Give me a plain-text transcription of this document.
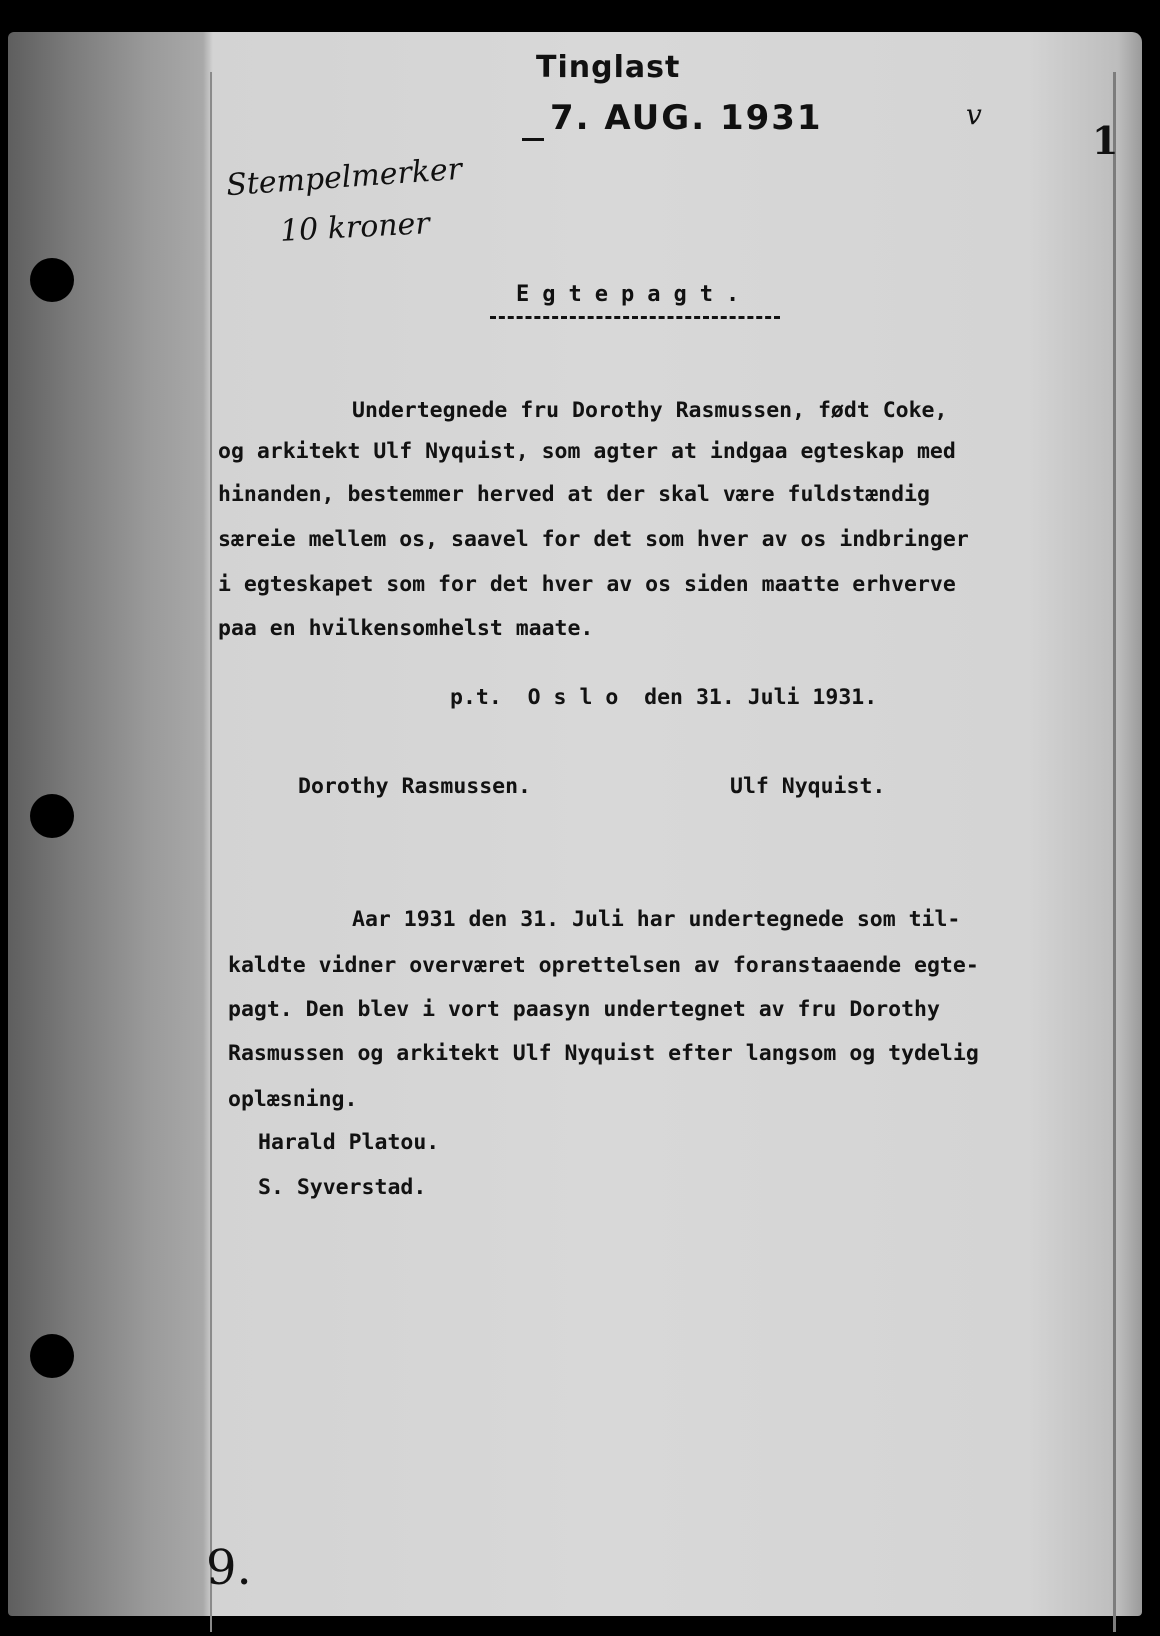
Tinglast
7. AUG. 1931	v
1
Stempelmerker
10 kroner
Egtepagt.
Undertegnede fru Dorothy Rasmussen, født Coke,
og arkitekt Ulf Nyquist, som agter at indgaa egteskap med
hinanden, bestemmer herved at der skal være fuldstændig
særeie mellem os, saavel for det som hver av os indbringer
i egteskapet som for det hver av os siden maatte erhverve
paa en hvilkensomhelst maate.
p.t.  O s l o  den 31. Juli 1931.
Dorothy Rasmussen.	Ulf Nyquist.
Aar 1931 den 31. Juli har undertegnede som til-
kaldte vidner overværet oprettelsen av foranstaaende egte-
pagt. Den blev i vort paasyn undertegnet av fru Dorothy
Rasmussen og arkitekt Ulf Nyquist efter langsom og tydelig
oplæsning.
Harald Platou.
S. Syverstad.
9.
